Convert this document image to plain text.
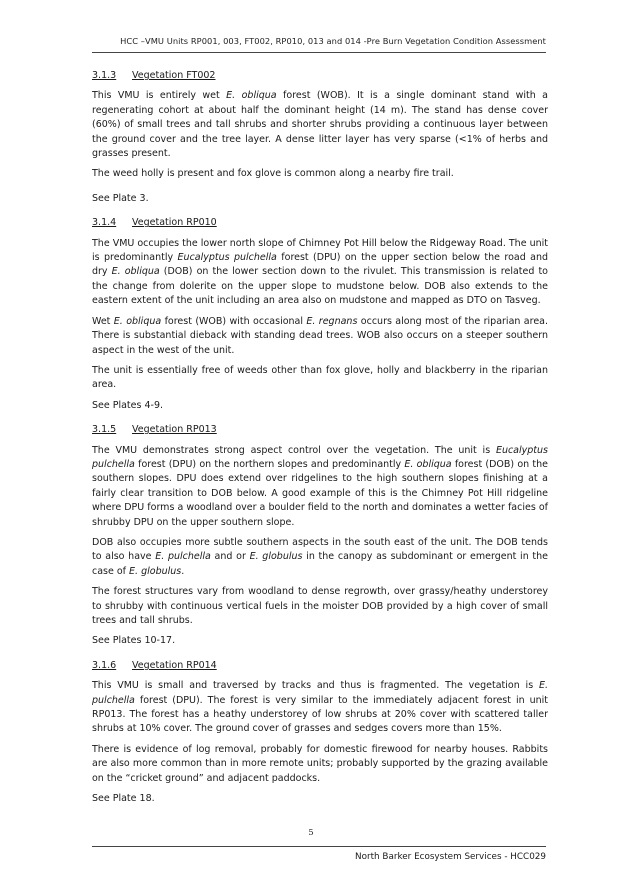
HCC –VMU Units RP001, 003, FT002, RP010, 013 and 014 -Pre Burn Vegetation Condition Assessment
3.1.3	Vegetation FT002

This VMU is entirely wet E. obliqua forest (WOB). It is a single dominant stand with a regenerating cohort at about half the dominant height (14 m). The stand has dense cover (60%) of small trees and tall shrubs and shorter shrubs providing a continuous layer between the ground cover and the tree layer. A dense litter layer has very sparse (<1% of herbs and grasses present.

The weed holly is present and fox glove is common along a nearby fire trail.

See Plate 3.

3.1.4	Vegetation RP010

The VMU occupies the lower north slope of Chimney Pot Hill below the Ridgeway Road. The unit is predominantly Eucalyptus pulchella forest (DPU) on the upper section below the road and dry E. obliqua (DOB) on the lower section down to the rivulet. This transmission is related to the change from dolerite on the upper slope to mudstone below. DOB also extends to the eastern extent of the unit including an area also on mudstone and mapped as DTO on Tasveg.

Wet E. obliqua forest (WOB) with occasional E. regnans occurs along most of the riparian area. There is substantial dieback with standing dead trees. WOB also occurs on a steeper southern aspect in the west of the unit.

The unit is essentially free of weeds other than fox glove, holly and blackberry in the riparian area.

See Plates 4-9.

3.1.5	Vegetation RP013

The VMU demonstrates strong aspect control over the vegetation. The unit is Eucalyptus pulchella forest (DPU) on the northern slopes and predominantly E. obliqua forest (DOB) on the southern slopes. DPU does extend over ridgelines to the high southern slopes finishing at a fairly clear transition to DOB below. A good example of this is the Chimney Pot Hill ridgeline where DPU forms a woodland over a boulder field to the north and dominates a wetter facies of shrubby DPU on the upper southern slope.

DOB also occupies more subtle southern aspects in the south east of the unit. The DOB tends to also have E. pulchella and or E. globulus in the canopy as subdominant or emergent in the case of E. globulus.

The forest structures vary from woodland to dense regrowth, over grassy/heathy understorey to shrubby with continuous vertical fuels in the moister DOB provided by a high cover of small trees and tall shrubs.

See Plates 10-17.

3.1.6	Vegetation RP014

This VMU is small and traversed by tracks and thus is fragmented. The vegetation is E. pulchella forest (DPU). The forest is very similar to the immediately adjacent forest in unit RP013. The forest has a heathy understorey of low shrubs at 20% cover with scattered taller shrubs at 10% cover. The ground cover of grasses and sedges covers more than 15%.

There is evidence of log removal, probably for domestic firewood for nearby houses. Rabbits are also more common than in more remote units; probably supported by the grazing available on the “cricket ground” and adjacent paddocks.

See Plate 18.

5
North Barker Ecosystem Services - HCC029
